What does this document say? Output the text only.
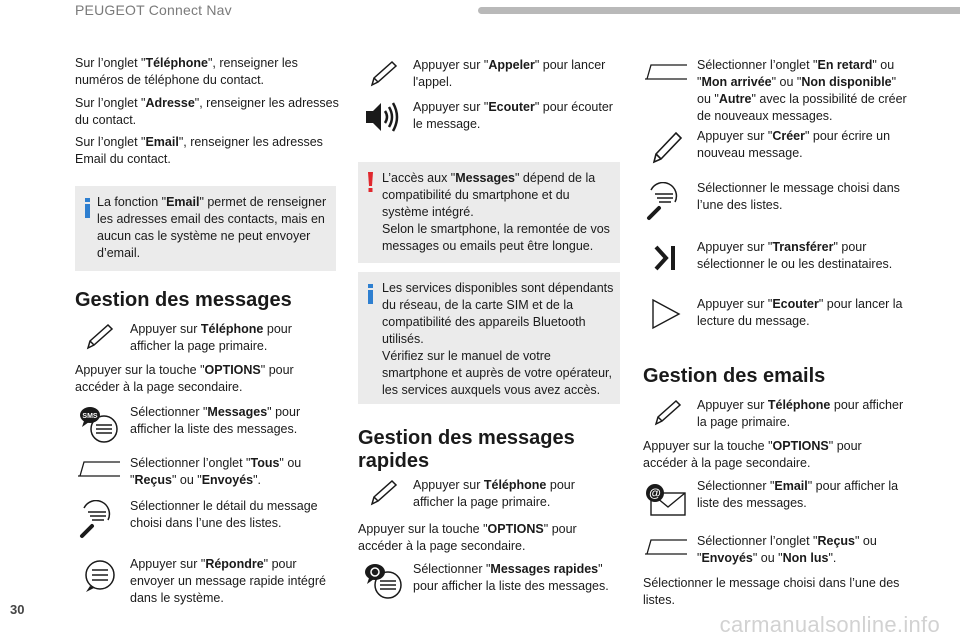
PEUGEOT Connect Nav

Sur l’onglet "Téléphone", renseigner les numéros de téléphone du contact.

Sur l’onglet "Adresse", renseigner les adresses du contact.

Sur l’onglet "Email", renseigner les adresses Email du contact.

La fonction "Email" permet de renseigner les adresses email des contacts, mais en aucun cas le système ne peut envoyer d’email.
Gestion des messages

Appuyer sur Téléphone pour afficher la page primaire.

Appuyer sur la touche "OPTIONS" pour accéder à la page secondaire.

SMS	Sélectionner "Messages" pour afficher la liste des messages.

Sélectionner l’onglet "Tous" ou "Reçus" ou "Envoyés".

Sélectionner le détail du message choisi dans l’une des listes.

Appuyer sur "Répondre" pour envoyer un message rapide intégré dans le système.

Appuyer sur "Appeler" pour lancer l'appel.

Appuyer sur "Ecouter" pour écouter le message.

L’accès aux "Messages" dépend de la compatibilité du smartphone et du système intégré.
Selon le smartphone, la remontée de vos messages ou emails peut être longue.
Les services disponibles sont dépendants du réseau, de la carte SIM et de la compatibilité des appareils Bluetooth utilisés.
Vérifiez sur le manuel de votre smartphone et auprès de votre opérateur, les services auxquels vous avez accès.
Gestion des messages rapides

Appuyer sur Téléphone pour afficher la page primaire.

Appuyer sur la touche "OPTIONS" pour accéder à la page secondaire.

Sélectionner "Messages rapides" pour afficher la liste des messages.

Sélectionner l’onglet "En retard" ou "Mon arrivée" ou "Non disponible" ou "Autre" avec la possibilité de créer de nouveaux messages.

Appuyer sur "Créer" pour écrire un nouveau message.

Sélectionner le message choisi dans l’une des listes.

Appuyer sur "Transférer" pour sélectionner le ou les destinataires.

Appuyer sur "Ecouter" pour lancer la lecture du message.

Gestion des emails

Appuyer sur Téléphone pour afficher la page primaire.

Appuyer sur la touche "OPTIONS" pour accéder à la page secondaire.

@	Sélectionner "Email" pour afficher la liste des messages.

Sélectionner l’onglet "Reçus" ou "Envoyés" ou "Non lus".

Sélectionner le message choisi dans l’une des listes.

30
carmanualsonline.info
